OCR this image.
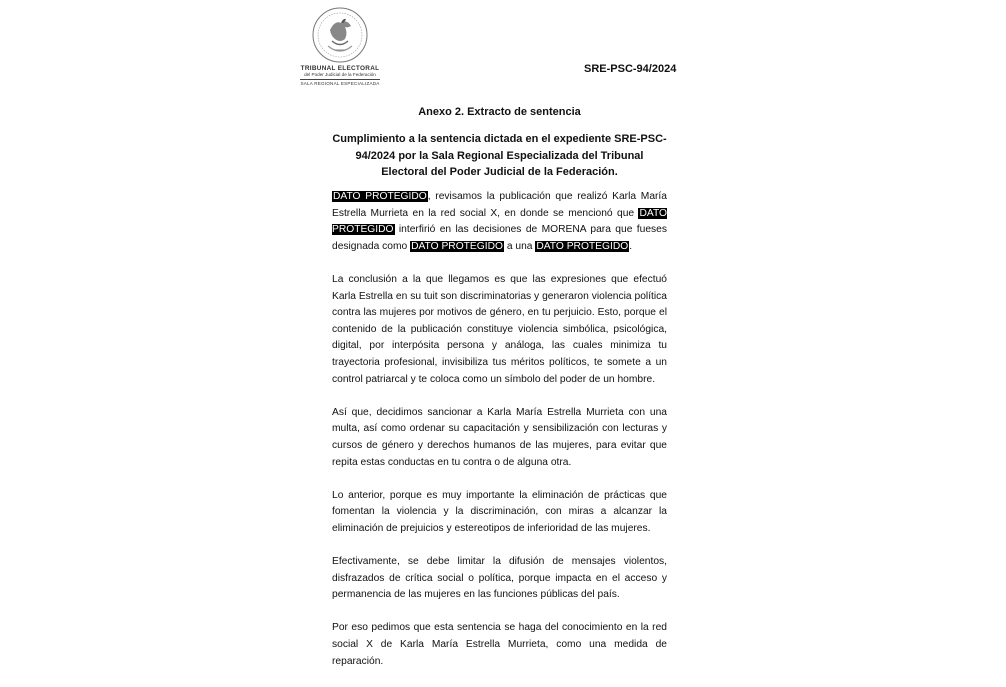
TRIBUNAL ELECTORAL
del Poder Judicial de la Federación
SALA REGIONAL ESPECIALIZADA
SRE-PSC-94/2024
Anexo 2. Extracto de sentencia
Cumplimiento a la sentencia dictada en el expediente SRE-PSC-94/2024 por la Sala Regional Especializada del Tribunal Electoral del Poder Judicial de la Federación.

DATO PROTEGIDO, revisamos la publicación que realizó Karla María Estrella Murrieta en la red social X, en donde se mencionó que DATO PROTEGIDO interfirió en las decisiones de MORENA para que fueses designada como DATO PROTEGIDO a una DATO PROTEGIDO.

La conclusión a la que llegamos es que las expresiones que efectuó Karla Estrella en su tuit son discriminatorias y generaron violencia política contra las mujeres por motivos de género, en tu perjuicio. Esto, porque el contenido de la publicación constituye violencia simbólica, psicológica, digital, por interpósita persona y análoga, las cuales minimiza tu trayectoria profesional, invisibiliza tus méritos políticos, te somete a un control patriarcal y te coloca como un símbolo del poder de un hombre.

Así que, decidimos sancionar a Karla María Estrella Murrieta con una multa, así como ordenar su capacitación y sensibilización con lecturas y cursos de género y derechos humanos de las mujeres, para evitar que repita estas conductas en tu contra o de alguna otra.

Lo anterior, porque es muy importante la eliminación de prácticas que fomentan la violencia y la discriminación, con miras a alcanzar la eliminación de prejuicios y estereotipos de inferioridad de las mujeres.

Efectivamente, se debe limitar la difusión de mensajes violentos, disfrazados de crítica social o política, porque impacta en el acceso y permanencia de las mujeres en las funciones públicas del país.

Por eso pedimos que esta sentencia se haga del conocimiento en la red social X de Karla María Estrella Murrieta, como una medida de reparación.
